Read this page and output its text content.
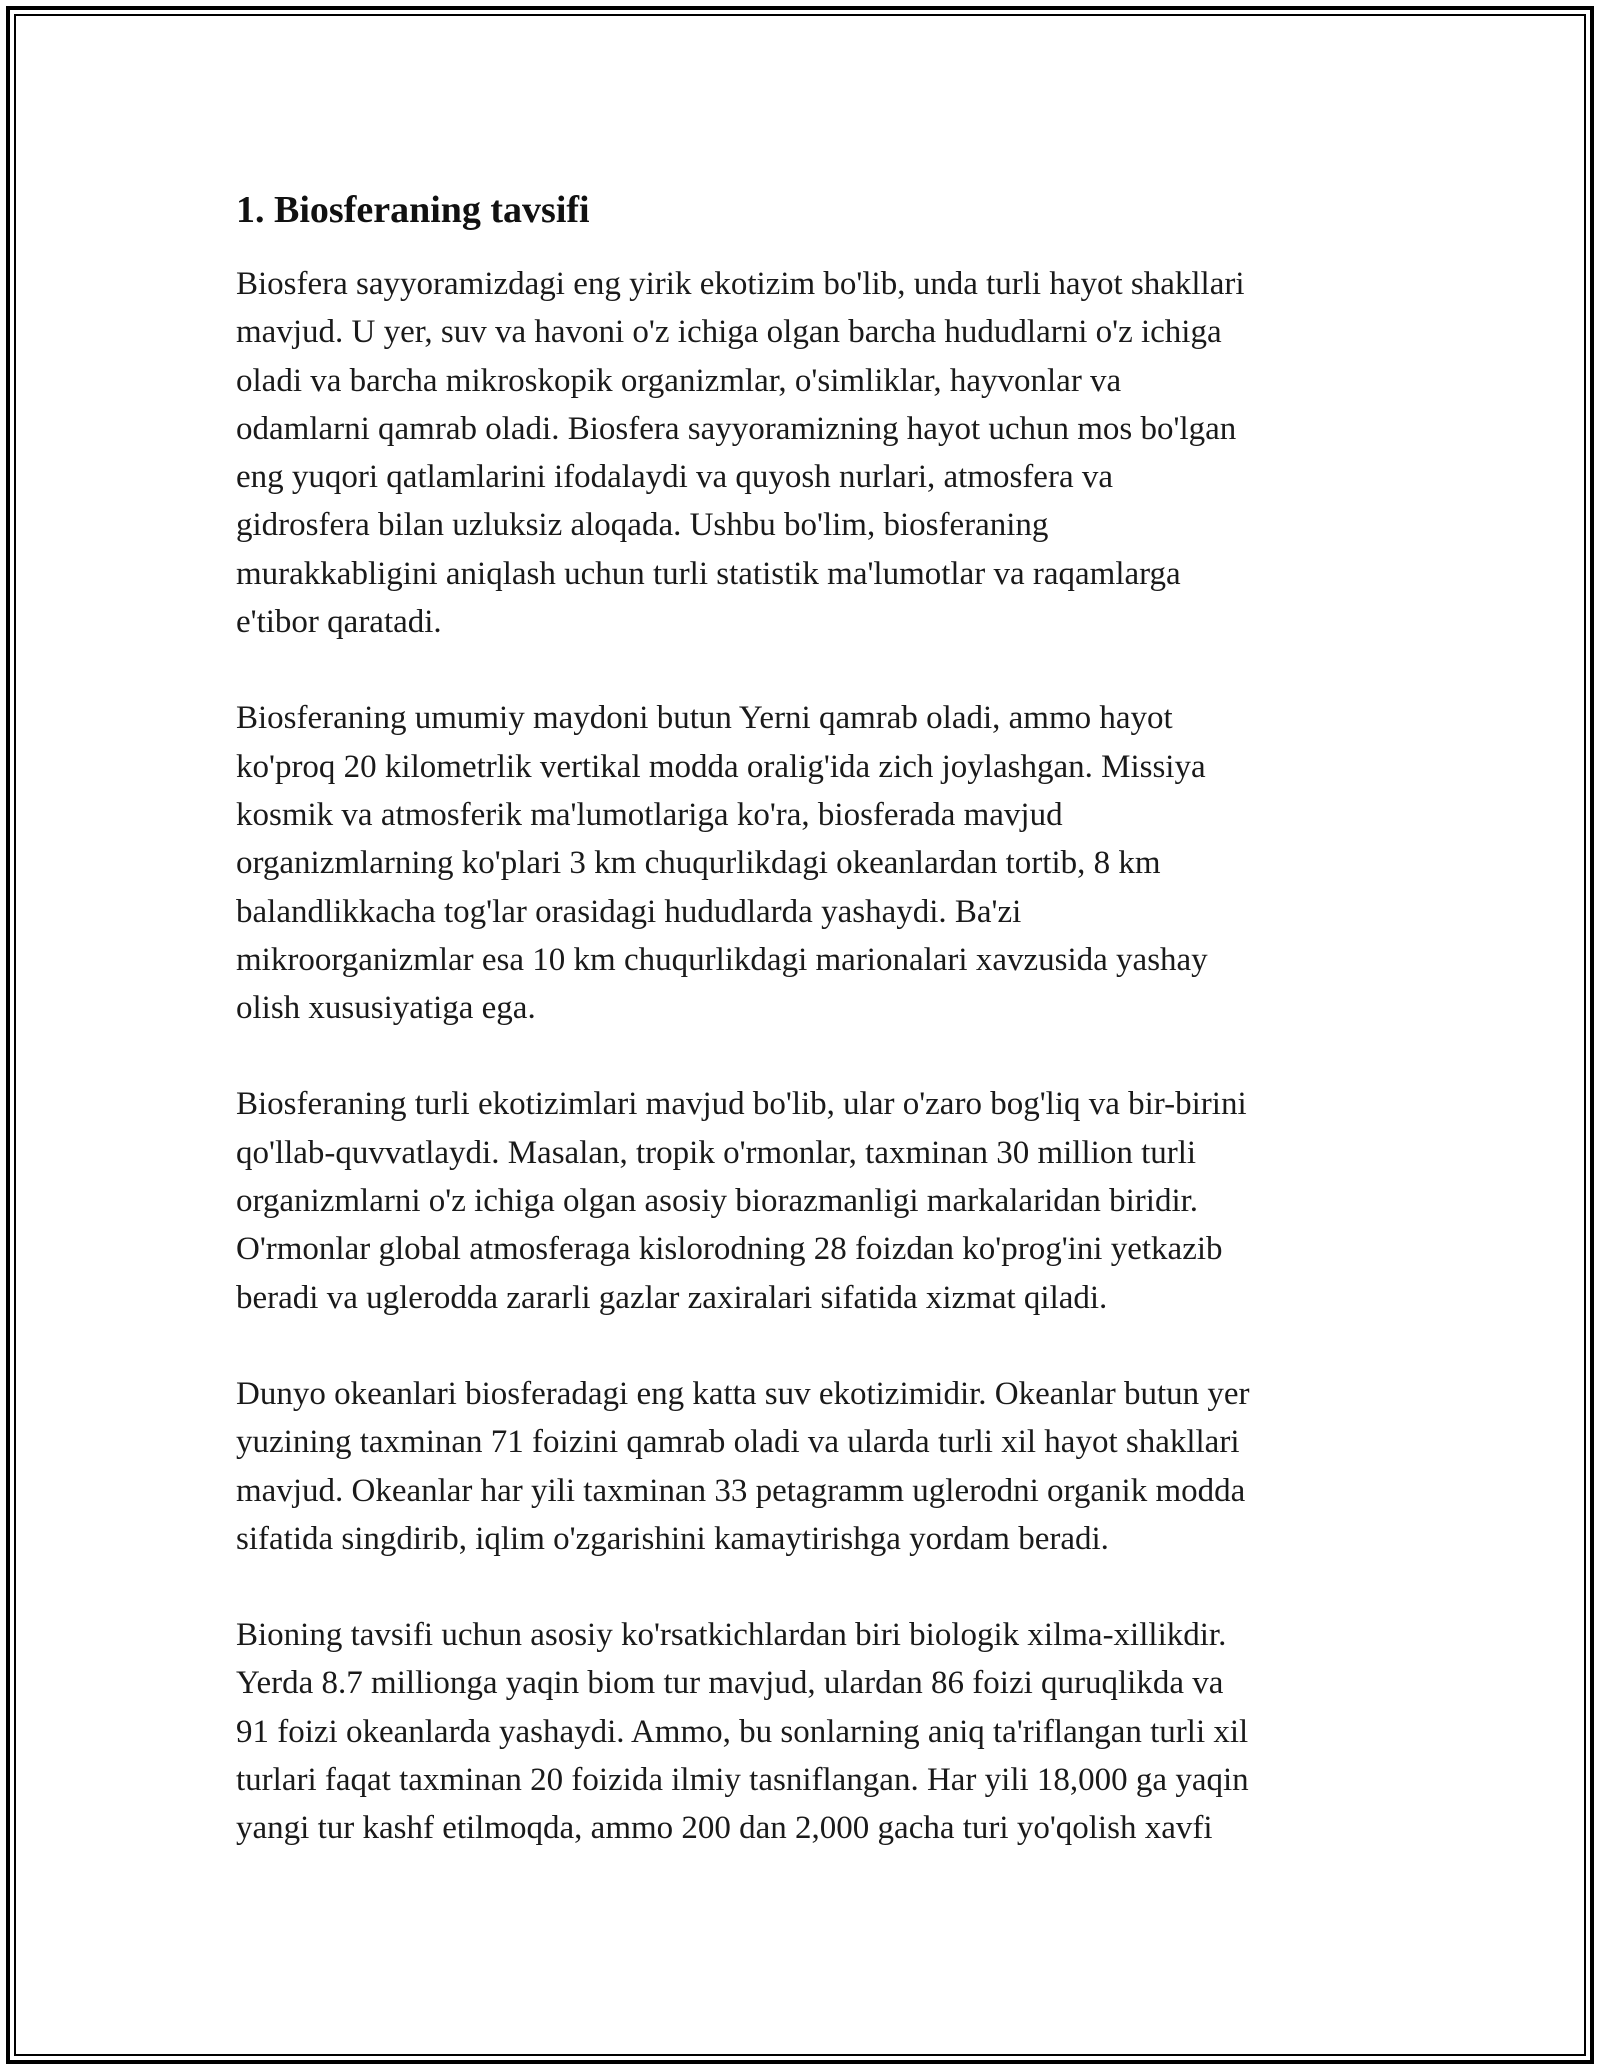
1. Biosferaning tavsifi
Biosfera sayyoramizdagi eng yirik ekotizim bo'lib, unda turli hayot shakllari
mavjud. U yer, suv va havoni o'z ichiga olgan barcha hududlarni o'z ichiga
oladi va barcha mikroskopik organizmlar, o'simliklar, hayvonlar va
odamlarni qamrab oladi. Biosfera sayyoramizning hayot uchun mos bo'lgan
eng yuqori qatlamlarini ifodalaydi va quyosh nurlari, atmosfera va
gidrosfera bilan uzluksiz aloqada. Ushbu bo'lim, biosferaning
murakkabligini aniqlash uchun turli statistik ma'lumotlar va raqamlarga
e'tibor qaratadi.
Biosferaning umumiy maydoni butun Yerni qamrab oladi, ammo hayot
ko'proq 20 kilometrlik vertikal modda oralig'ida zich joylashgan. Missiya
kosmik va atmosferik ma'lumotlariga ko'ra, biosferada mavjud
organizmlarning ko'plari 3 km chuqurlikdagi okeanlardan tortib, 8 km
balandlikkacha tog'lar orasidagi hududlarda yashaydi. Ba'zi
mikroorganizmlar esa 10 km chuqurlikdagi marionalari xavzusida yashay
olish xususiyatiga ega.
Biosferaning turli ekotizimlari mavjud bo'lib, ular o'zaro bog'liq va bir-birini
qo'llab-quvvatlaydi. Masalan, tropik o'rmonlar, taxminan 30 million turli
organizmlarni o'z ichiga olgan asosiy biorazmanligi markalaridan biridir.
O'rmonlar global atmosferaga kislorodning 28 foizdan ko'prog'ini yetkazib
beradi va uglerodda zararli gazlar zaxiralari sifatida xizmat qiladi.
Dunyo okeanlari biosferadagi eng katta suv ekotizimidir. Okeanlar butun yer
yuzining taxminan 71 foizini qamrab oladi va ularda turli xil hayot shakllari
mavjud. Okeanlar har yili taxminan 33 petagramm uglerodni organik modda
sifatida singdirib, iqlim o'zgarishini kamaytirishga yordam beradi.
Bioning tavsifi uchun asosiy ko'rsatkichlardan biri biologik xilma-xillikdir.
Yerda 8.7 millionga yaqin biom tur mavjud, ulardan 86 foizi quruqlikda va
91 foizi okeanlarda yashaydi. Ammo, bu sonlarning aniq ta'riflangan turli xil
turlari faqat taxminan 20 foizida ilmiy tasniflangan. Har yili 18,000 ga yaqin
yangi tur kashf etilmoqda, ammo 200 dan 2,000 gacha turi yo'qolish xavfi
